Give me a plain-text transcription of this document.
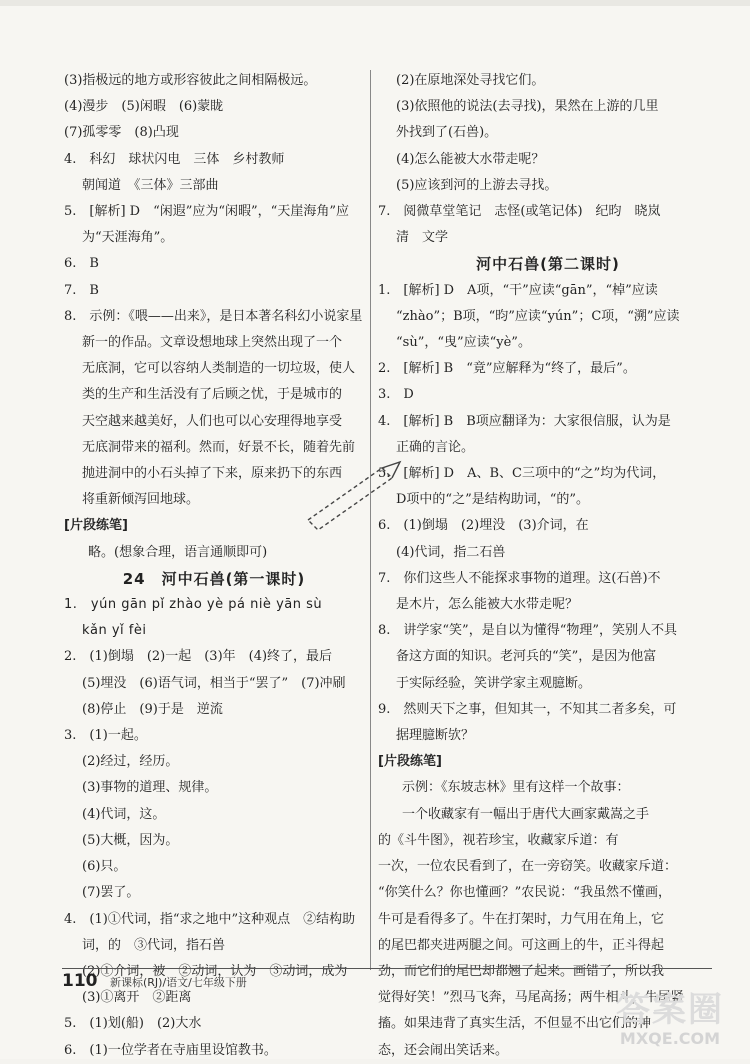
(3)指极远的地方或形容彼此之间相隔极远。
(4)漫步　(5)闲暇　(6)蒙眬
(7)孤零零　(8)凸现
4.　科幻　球状闪电　三体　乡村教师
朝闻道　《三体》三部曲
5.　[解析] D　“闲遐”应为“闲暇”，“天崖海角”应
为“天涯海角”。
6.　B
7.　B
8.　示例：《喂——出来》，是日本著名科幻小说家星
新一的作品。文章设想地球上突然出现了一个
无底洞，它可以容纳人类制造的一切垃圾，使人
类的生产和生活没有了后顾之忧，于是城市的
天空越来越美好，人们也可以心安理得地享受
无底洞带来的福利。然而，好景不长，随着先前
抛进洞中的小石头掉了下来，原来扔下的东西
将重新倾泻回地球。
[片段练笔]
略。(想象合理，语言通顺即可)
24　河中石兽(第一课时)
1.　yún gān pǐ zhào yè pá niè yān sù
kǎn yǐ fèi
2.　(1)倒塌　(2)一起　(3)年　(4)终了，最后
(5)埋没　(6)语气词，相当于“罢了”　(7)冲刷
(8)停止　(9)于是　逆流
3.　(1)一起。
(2)经过，经历。
(3)事物的道理、规律。
(4)代词，这。
(5)大概，因为。
(6)只。
(7)罢了。
4.　(1)①代词，指“求之地中”这种观点　②结构助
词，的　③代词，指石兽
(2)①介词，被　②动词，认为　③动词，成为
(3)①离开　②距离
5.　(1)划(船)　(2)大水
6.　(1)一位学者在寺庙里设馆教书。
(2)在原地深处寻找它们。
(3)依照他的说法(去寻找)，果然在上游的几里
外找到了(石兽)。
(4)怎么能被大水带走呢？
(5)应该到河的上游去寻找。
7.　阅微草堂笔记　志怪(或笔记体)　纪昀　晓岚
清　文学
河中石兽(第二课时)
1.　[解析] D　A项，“干”应读“gān”，“棹”应读
“zhào”；B项，“昀”应读“yún”；C项，“溯”应读
“sù”，“曳”应读“yè”。
2.　[解析] B　“竟”应解释为“终了，最后”。
3.　D
4.　[解析] B　B项应翻译为：大家很信服，认为是
正确的言论。
5.　[解析] D　A、B、C三项中的“之”均为代词，
D项中的“之”是结构助词，“的”。
6.　(1)倒塌　(2)埋没　(3)介词，在
(4)代词，指二石兽
7.　你们这些人不能探求事物的道理。这(石兽)不
是木片，怎么能被大水带走呢？
8.　讲学家“笑”，是自以为懂得“物理”，笑别人不具
备这方面的知识。老河兵的“笑”，是因为他富
于实际经验，笑讲学家主观臆断。
9.　然则天下之事，但知其一，不知其二者多矣，可
据理臆断欤？
[片段练笔]
示例：《东坡志林》里有这样一个故事：
一个收藏家有一幅出于唐代大画家戴嵩之手
的《斗牛图》，视若珍宝，收藏家斥道：有
一次，一位农民看到了，在一旁窃笑。收藏家斥道：
“你笑什么？你也懂画？”农民说：“我虽然不懂画，
牛可是看得多了。牛在打架时，力气用在角上，它
的尾巴都夹进两腿之间。可这画上的牛，正斗得起
劲，而它们的尾巴却都翘了起来。画错了，所以我
觉得好笑！”烈马飞奔，马尾高扬；两牛相斗，牛尾紧
搐。如果违背了真实生活，不但显不出它们的神
态，还会闹出笑话来。
110 新课标(RJ)/语文/七年级下册
答案圈
MXQE.COM
